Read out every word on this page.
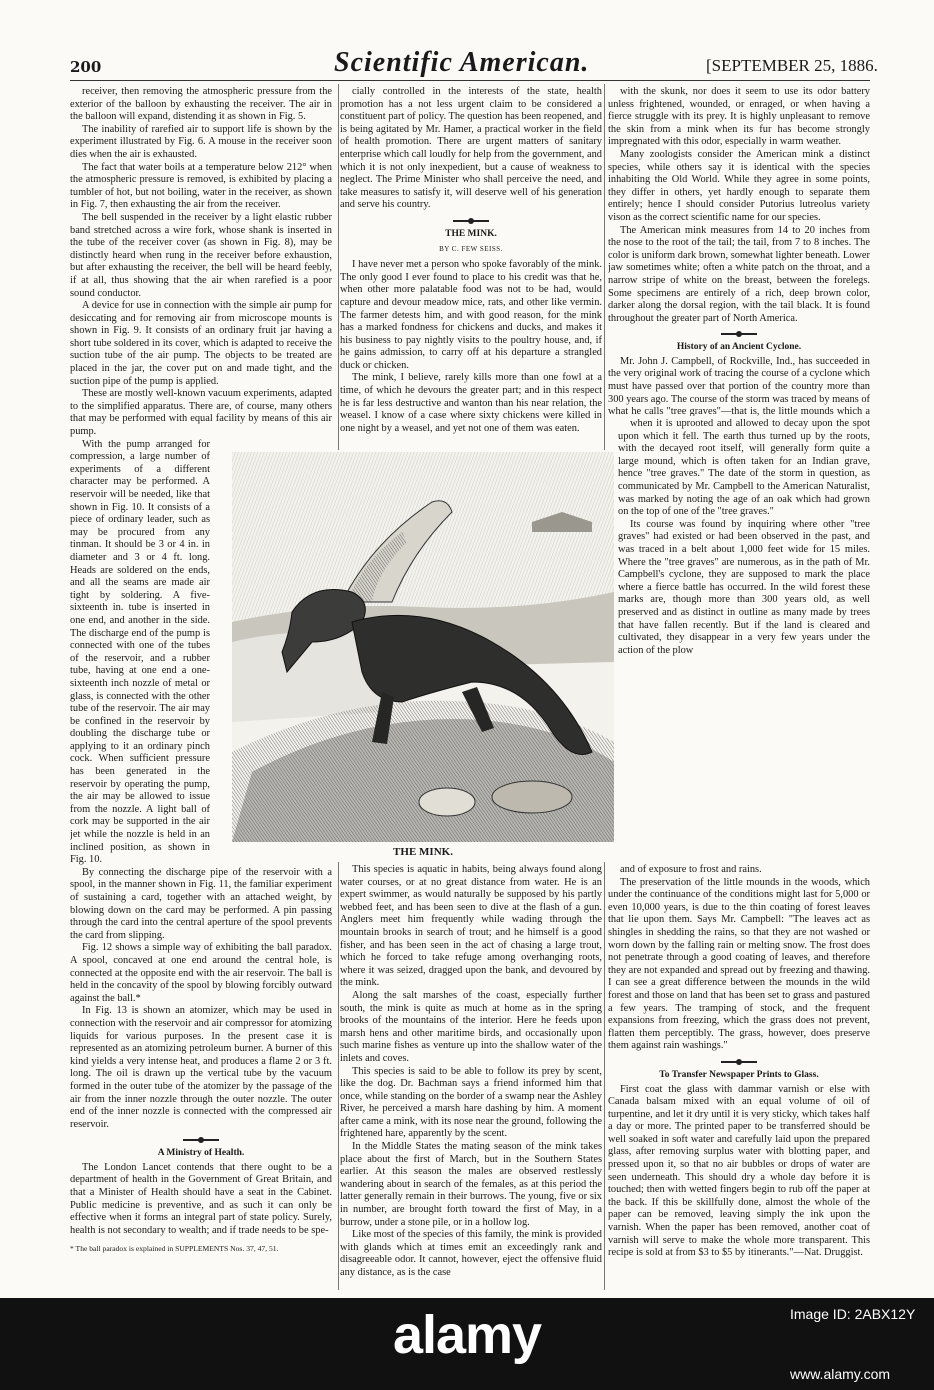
200	Scientific American.	[SEPTEMBER 25, 1886.

receiver, then removing the atmospheric pressure from the exterior of the balloon by exhausting the receiver. The air in the balloon will expand, distending it as shown in Fig. 5.

The inability of rarefied air to support life is shown by the experiment illustrated by Fig. 6. A mouse in the receiver soon dies when the air is exhausted.

The fact that water boils at a temperature below 212° when the atmospheric pressure is removed, is exhibited by placing a tumbler of hot, but not boiling, water in the receiver, as shown in Fig. 7, then exhausting the air from the receiver.

The bell suspended in the receiver by a light elastic rubber band stretched across a wire fork, whose shank is inserted in the tube of the receiver cover (as shown in Fig. 8), may be distinctly heard when rung in the receiver before exhaustion, but after exhausting the receiver, the bell will be heard feebly, if at all, thus showing that the air when rarefied is a poor sound conductor.

A device for use in connection with the simple air pump for desiccating and for removing air from microscope mounts is shown in Fig. 9. It consists of an ordinary fruit jar having a short tube soldered in its cover, which is adapted to receive the suction tube of the air pump. The objects to be treated are placed in the jar, the cover put on and made tight, and the suction pipe of the pump is applied.

These are mostly well-known vacuum experiments, adapted to the simplified apparatus. There are, of course, many others that may be performed with equal facility by means of this air pump.

With the pump arranged for compression, a large number of experiments of a different character may be performed. A reservoir will be needed, like that shown in Fig. 10. It consists of a piece of ordinary leader, such as may be procured from any tinman. It should be 3 or 4 in. in diameter and 3 or 4 ft. long. Heads are soldered on the ends, and all the seams are made air tight by soldering. A five-sixteenth in. tube is inserted in one end, and another in the side. The discharge end of the pump is connected with one of the tubes of the reservoir, and a rubber tube, having at one end a one-sixteenth inch nozzle of metal or glass, is connected with the other tube of the reservoir. The air may be confined in the reservoir by doubling the discharge tube or applying to it an ordinary pinch cock. When sufficient pressure has been generated in the reservoir by operating the pump, the air may be allowed to issue from the nozzle. A light ball of cork may be supported in the air jet while the nozzle is held in an inclined position, as shown in Fig. 10.

By connecting the discharge pipe of the reservoir with a spool, in the manner shown in Fig. 11, the familiar experiment of sustaining a card, together with an attached weight, by blowing down on the card may be performed. A pin passing through the card into the central aperture of the spool prevents the card from slipping.

Fig. 12 shows a simple way of exhibiting the ball paradox. A spool, concaved at one end around the central hole, is connected at the opposite end with the air reservoir. The ball is held in the concavity of the spool by blowing forcibly outward against the ball.*

In Fig. 13 is shown an atomizer, which may be used in connection with the reservoir and air compressor for atomizing liquids for various purposes. In the present case it is represented as an atomizing petroleum burner. A burner of this kind yields a very intense heat, and produces a flame 2 or 3 ft. long. The oil is drawn up the vertical tube by the vacuum formed in the outer tube of the atomizer by the passage of the air from the inner nozzle through the outer nozzle. The outer end of the inner nozzle is connected with the compressed air reservoir.

A Ministry of Health.

The London Lancet contends that there ought to be a department of health in the Government of Great Britain, and that a Minister of Health should have a seat in the Cabinet. Public medicine is preventive, and as such it can only be effective when it forms an integral part of state policy. Surely, health is not secondary to wealth; and if trade needs to be spe-

* The ball paradox is explained in SUPPLEMENTS Nos. 37, 47, 51.

cially controlled in the interests of the state, health promotion has a not less urgent claim to be considered a constituent part of policy. The question has been reopened, and is being agitated by Mr. Hamer, a practical worker in the field of health promotion. There are urgent matters of sanitary enterprise which call loudly for help from the government, and which it is not only inexpedient, but a cause of weakness to neglect. The Prime Minister who shall perceive the need, and take measures to satisfy it, will deserve well of his generation and serve his country.

THE MINK.

BY C. FEW SEISS.

I have never met a person who spoke favorably of the mink. The only good I ever found to place to his credit was that he, when other more palatable food was not to be had, would capture and devour meadow mice, rats, and other like vermin. The farmer detests him, and with good reason, for the mink has a marked fondness for chickens and ducks, and makes it his business to pay nightly visits to the poultry house, and, if he gains admission, to carry off at his departure a strangled duck or chicken.

The mink, I believe, rarely kills more than one fowl at a time, of which he devours the greater part; and in this respect he is far less destructive and wanton than his near relation, the weasel. I know of a case where sixty chickens were killed in one night by a weasel, and yet not one of them was eaten.

with the skunk, nor does it seem to use its odor battery unless frightened, wounded, or enraged, or when having a fierce struggle with its prey. It is highly unpleasant to remove the skin from a mink when its fur has become strongly impregnated with this odor, especially in warm weather.

Many zoologists consider the American mink a distinct species, while others say it is identical with the species inhabiting the Old World. While they agree in some points, they differ in others, yet hardly enough to separate them entirely; hence I should consider Putorius lutreolus variety vison as the correct scientific name for our species.

The American mink measures from 14 to 20 inches from the nose to the root of the tail; the tail, from 7 to 8 inches. The color is uniform dark brown, somewhat lighter beneath. Lower jaw sometimes white; often a white patch on the throat, and a narrow stripe of white on the breast, between the forelegs. Some specimens are entirely of a rich, deep brown color, darker along the dorsal region, with the tail black. It is found throughout the greater part of North America.

History of an Ancient Cyclone.

Mr. John J. Campbell, of Rockville, Ind., has succeeded in the very original work of tracing the course of a cyclone which must have passed over that portion of the country more than 300 years ago. The course of the storm was traced by means of what he calls "tree graves"—that is, the little mounds which a

when it is uprooted and allowed to decay upon the spot upon which it fell. The earth thus turned up by the roots, with the decayed root itself, will generally form quite a large mound, which is often taken for an Indian grave, hence "tree graves." The date of the storm in question, as communicated by Mr. Campbell to the American Naturalist, was marked by noting the age of an oak which had grown on the top of one of the "tree graves."

Its course was found by inquiring where other "tree graves" had existed or had been observed in the past, and was traced in a belt about 1,000 feet wide for 15 miles. Where the "tree graves" are numerous, as in the path of Mr. Campbell's cyclone, they are supposed to mark the place where a fierce battle has occurred. In the wild forest these marks are, though more than 300 years old, as well preserved and as distinct in outline as many made by trees that have fallen recently. But if the land is cleared and cultivated, they disappear in a very few years under the action of the plow

THE MINK.

This species is aquatic in habits, being always found along water courses, or at no great distance from water. He is an expert swimmer, as would naturally be supposed by his partly webbed feet, and has been seen to dive at the flash of a gun. Anglers meet him frequently while wading through the mountain brooks in search of trout; and he himself is a good fisher, and has been seen in the act of chasing a large trout, which he forced to take refuge among overhanging roots, where it was seized, dragged upon the bank, and devoured by the mink.

Along the salt marshes of the coast, especially further south, the mink is quite as much at home as in the spring brooks of the mountains of the interior. Here he feeds upon marsh hens and other maritime birds, and occasionally upon such marine fishes as venture up into the shallow water of the inlets and coves.

This species is said to be able to follow its prey by scent, like the dog. Dr. Bachman says a friend informed him that once, while standing on the border of a swamp near the Ashley River, he perceived a marsh hare dashing by him. A moment after came a mink, with its nose near the ground, following the frightened hare, apparently by the scent.

In the Middle States the mating season of the mink takes place about the first of March, but in the Southern States earlier. At this season the males are observed restlessly wandering about in search of the females, as at this period the latter generally remain in their burrows. The young, five or six in number, are brought forth toward the first of May, in a burrow, under a stone pile, or in a hollow log.

Like most of the species of this family, the mink is provided with glands which at times emit an exceedingly rank and disagreeable odor. It cannot, however, eject the offensive fluid any distance, as is the case

and of exposure to frost and rains.

The preservation of the little mounds in the woods, which under the continuance of the conditions might last for 5,000 or even 10,000 years, is due to the thin coating of forest leaves that lie upon them. Says Mr. Campbell: "The leaves act as shingles in shedding the rains, so that they are not washed or worn down by the falling rain or melting snow. The frost does not penetrate through a good coating of leaves, and therefore they are not expanded and spread out by freezing and thawing. I can see a great difference between the mounds in the wild forest and those on land that has been set to grass and pastured a few years. The tramping of stock, and the frequent expansions from freezing, which the grass does not prevent, flatten them perceptibly. The grass, however, does preserve them against rain washings."

To Transfer Newspaper Prints to Glass.

First coat the glass with dammar varnish or else with Canada balsam mixed with an equal volume of oil of turpentine, and let it dry until it is very sticky, which takes half a day or more. The printed paper to be transferred should be well soaked in soft water and carefully laid upon the prepared glass, after removing surplus water with blotting paper, and pressed upon it, so that no air bubbles or drops of water are seen underneath. This should dry a whole day before it is touched; then with wetted fingers begin to rub off the paper at the back. If this be skillfully done, almost the whole of the paper can be removed, leaving simply the ink upon the varnish. When the paper has been removed, another coat of varnish will serve to make the whole more transparent. This recipe is sold at from $3 to $5 by itinerants."—Nat. Druggist.

alamy	Image ID: 2ABX12Y
www.alamy.com
